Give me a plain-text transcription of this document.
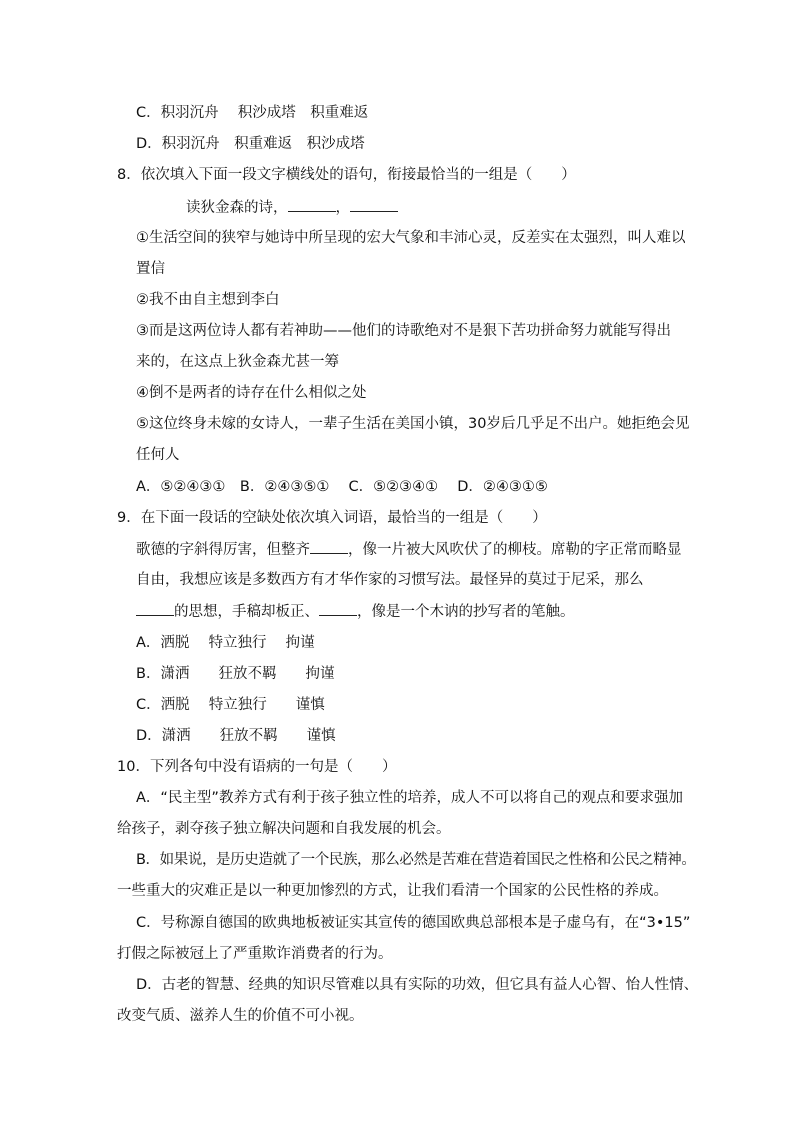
C．积羽沉舟　 积沙成塔　积重难返
D．积羽沉舟　积重难返　积沙成塔
8．依次填入下面一段文字横线处的语句，衔接最恰当的一组是（　　）
读狄金森的诗，	，
①生活空间的狭窄与她诗中所呈现的宏大气象和丰沛心灵，反差实在太强烈，叫人难以
置信
②我不由自主想到李白
③而是这两位诗人都有若神助——他们的诗歌绝对不是狠下苦功拼命努力就能写得出
来的，在这点上狄金森尤甚一筹
④倒不是两者的诗存在什么相似之处
⑤这位终身未嫁的女诗人，一辈子生活在美国小镇，30岁后几乎足不出户。她拒绝会见
任何人
A．⑤②④③①　B．②④③⑤①　 C．⑤②③④①　 D．②④③①⑤
9．在下面一段话的空缺处依次填入词语，最恰当的一组是（　　）
歌德的字斜得厉害，但整齐	，像一片被大风吹伏了的柳枝。席勒的字正常而略显
自由，我想应该是多数西方有才华作家的习惯写法。最怪异的莫过于尼采，那么
的思想，手稿却板正、	，像是一个木讷的抄写者的笔触。
A．洒脱　 特立独行　 拘谨
B．潇洒　　狂放不羁　　拘谨
C．洒脱　 特立独行　　谨慎
D．潇洒　　狂放不羁　　谨慎
10．下列各句中没有语病的一句是（　　）
A．“民主型”教养方式有利于孩子独立性的培养，成人不可以将自己的观点和要求强加
给孩子，剥夺孩子独立解决问题和自我发展的机会。
B．如果说，是历史造就了一个民族，那么必然是苦难在营造着国民之性格和公民之精神。
一些重大的灾难正是以一种更加惨烈的方式，让我们看清一个国家的公民性格的养成。
C．号称源自德国的欧典地板被证实其宣传的德国欧典总部根本是子虚乌有，在“3•15”
打假之际被冠上了严重欺诈消费者的行为。
D．古老的智慧、经典的知识尽管难以具有实际的功效，但它具有益人心智、怡人性情、
改变气质、滋养人生的价值不可小视。
